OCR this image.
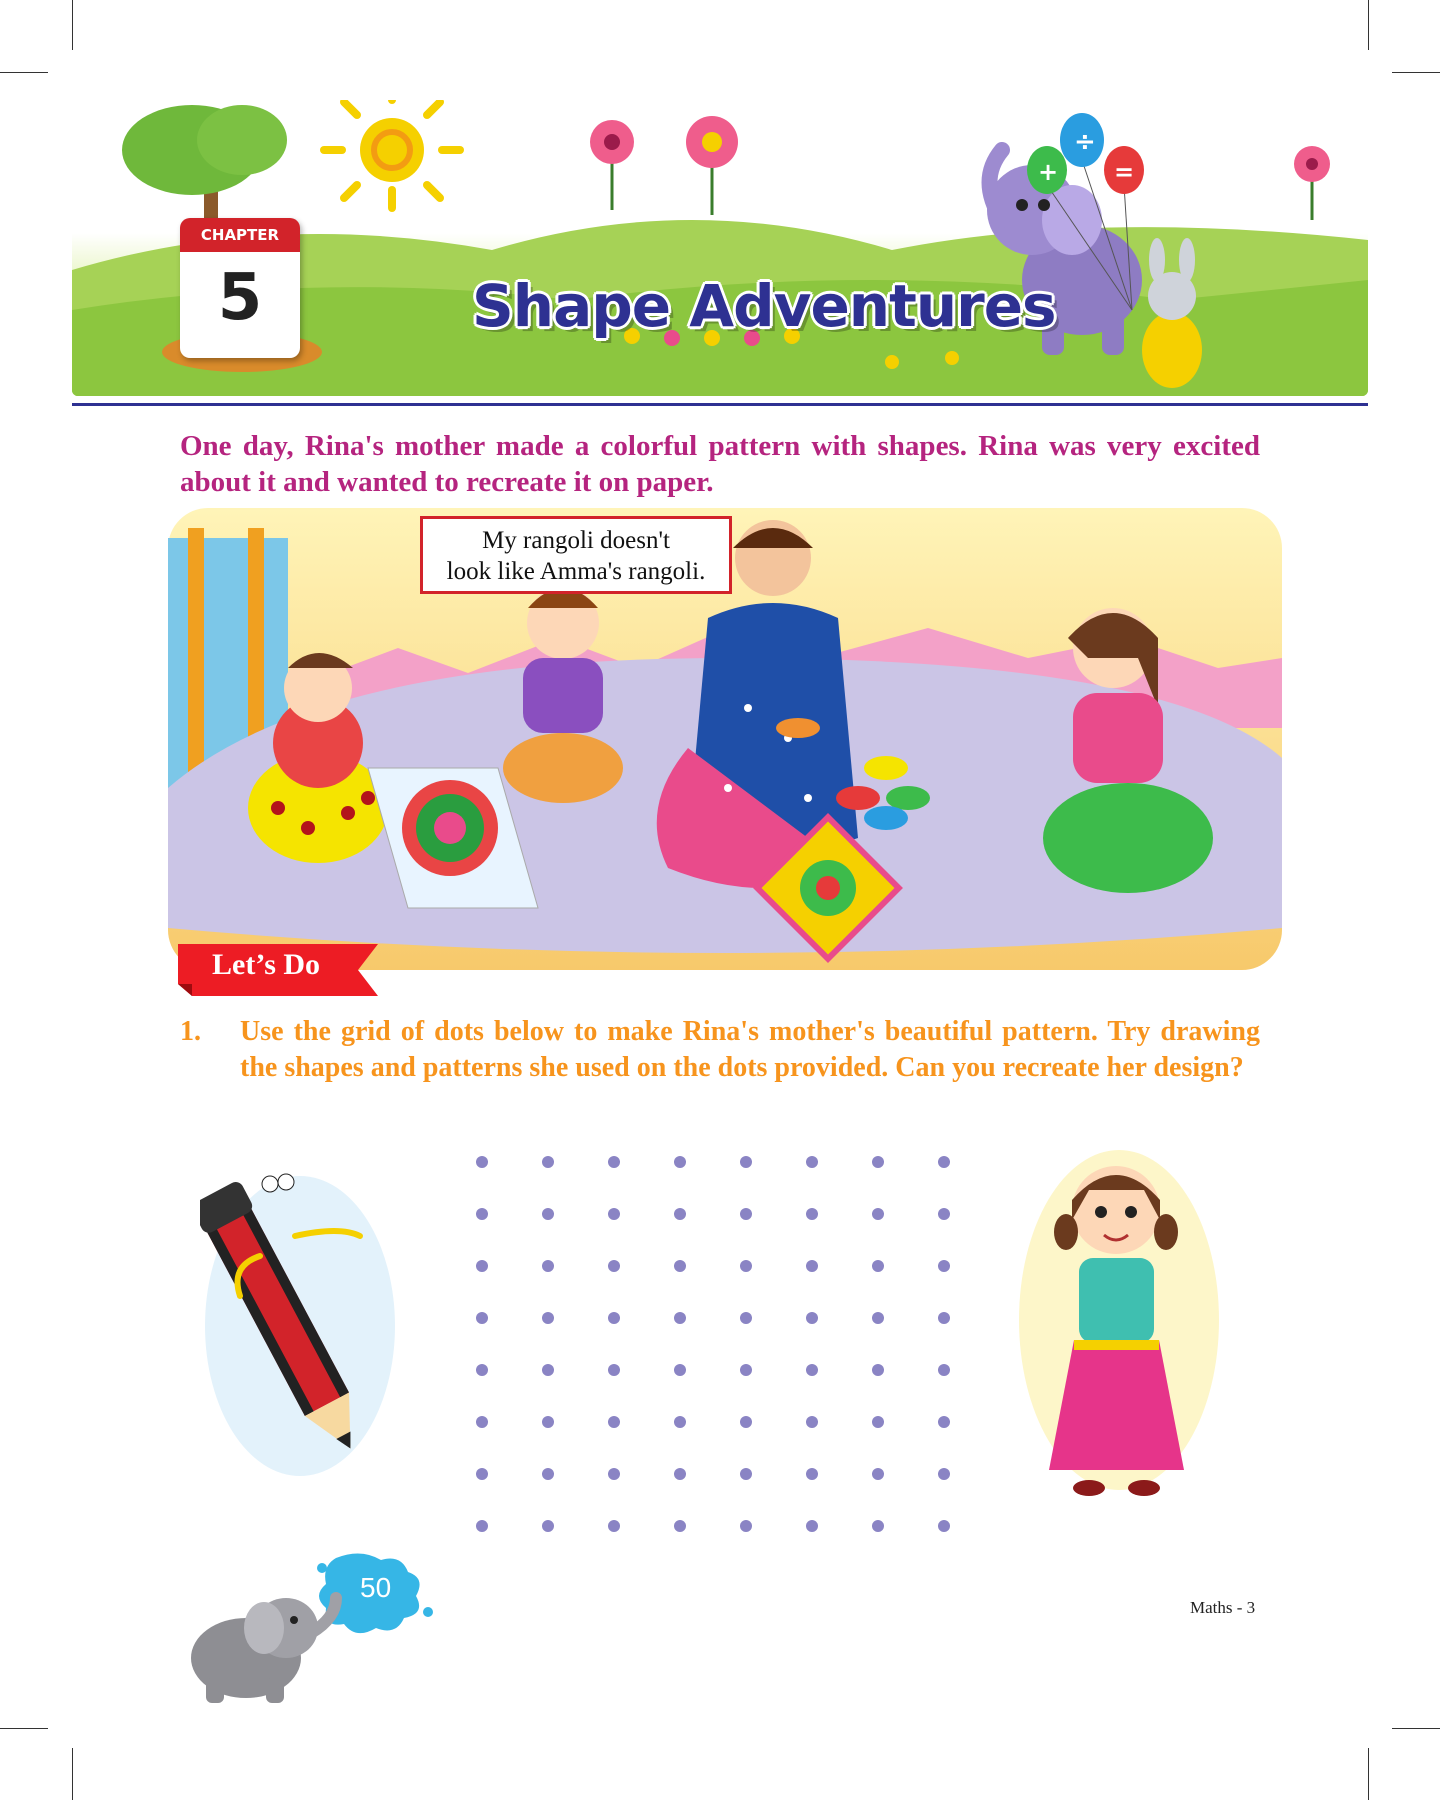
÷
+ =
CHAPTER
5	Shape Adventures
One day, Rina's mother made a colorful pattern with shapes. Rina was very excited about it and wanted to recreate it on paper.
My rangoli doesn't
look like Amma's rangoli.
Let’s Do
1. Use the grid of dots below to make Rina's mother's beautiful pattern. Try drawing the shapes and patterns she used on the dots provided. Can you recreate her design?
50
Maths - 3
